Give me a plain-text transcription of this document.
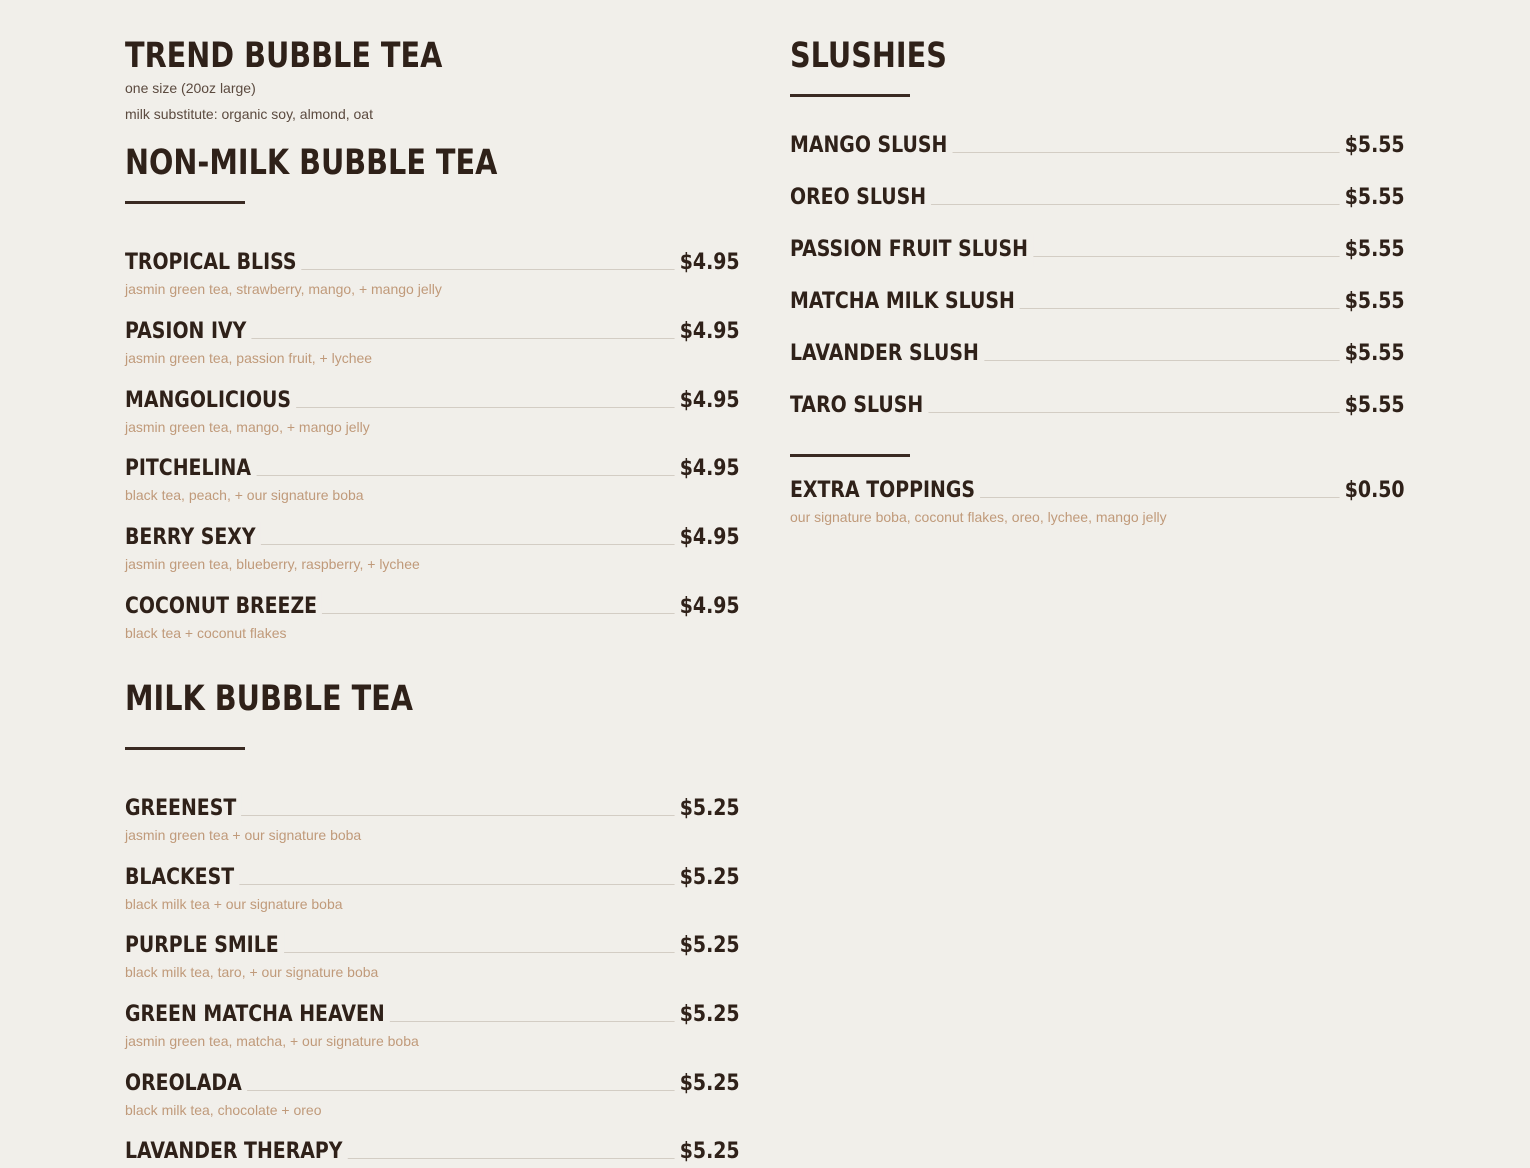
TREND BUBBLE TEA
one size (20oz large)
milk substitute: organic soy, almond, oat
NON-MILK BUBBLE TEA
TROPICAL BLISS	$4.95
jasmin green tea, strawberry, mango, + mango jelly
PASION IVY	$4.95
jasmin green tea, passion fruit, + lychee
MANGOLICIOUS	$4.95
jasmin green tea, mango, + mango jelly
PITCHELINA	$4.95
black tea, peach, + our signature boba
BERRY SEXY	$4.95
jasmin green tea, blueberry, raspberry, + lychee
COCONUT BREEZE	$4.95
black tea + coconut flakes
MILK BUBBLE TEA
GREENEST	$5.25
jasmin green tea + our signature boba
BLACKEST	$5.25
black milk tea + our signature boba
PURPLE SMILE	$5.25
black milk tea, taro, + our signature boba
GREEN MATCHA HEAVEN	$5.25
jasmin green tea, matcha, + our signature boba
OREOLADA	$5.25
black milk tea, chocolate + oreo
LAVANDER THERAPY	$5.25
SLUSHIES
MANGO SLUSH	$5.55
OREO SLUSH	$5.55
PASSION FRUIT SLUSH	$5.55
MATCHA MILK SLUSH	$5.55
LAVANDER SLUSH	$5.55
TARO SLUSH	$5.55
EXTRA TOPPINGS	$0.50
our signature boba, coconut flakes, oreo, lychee, mango jelly
